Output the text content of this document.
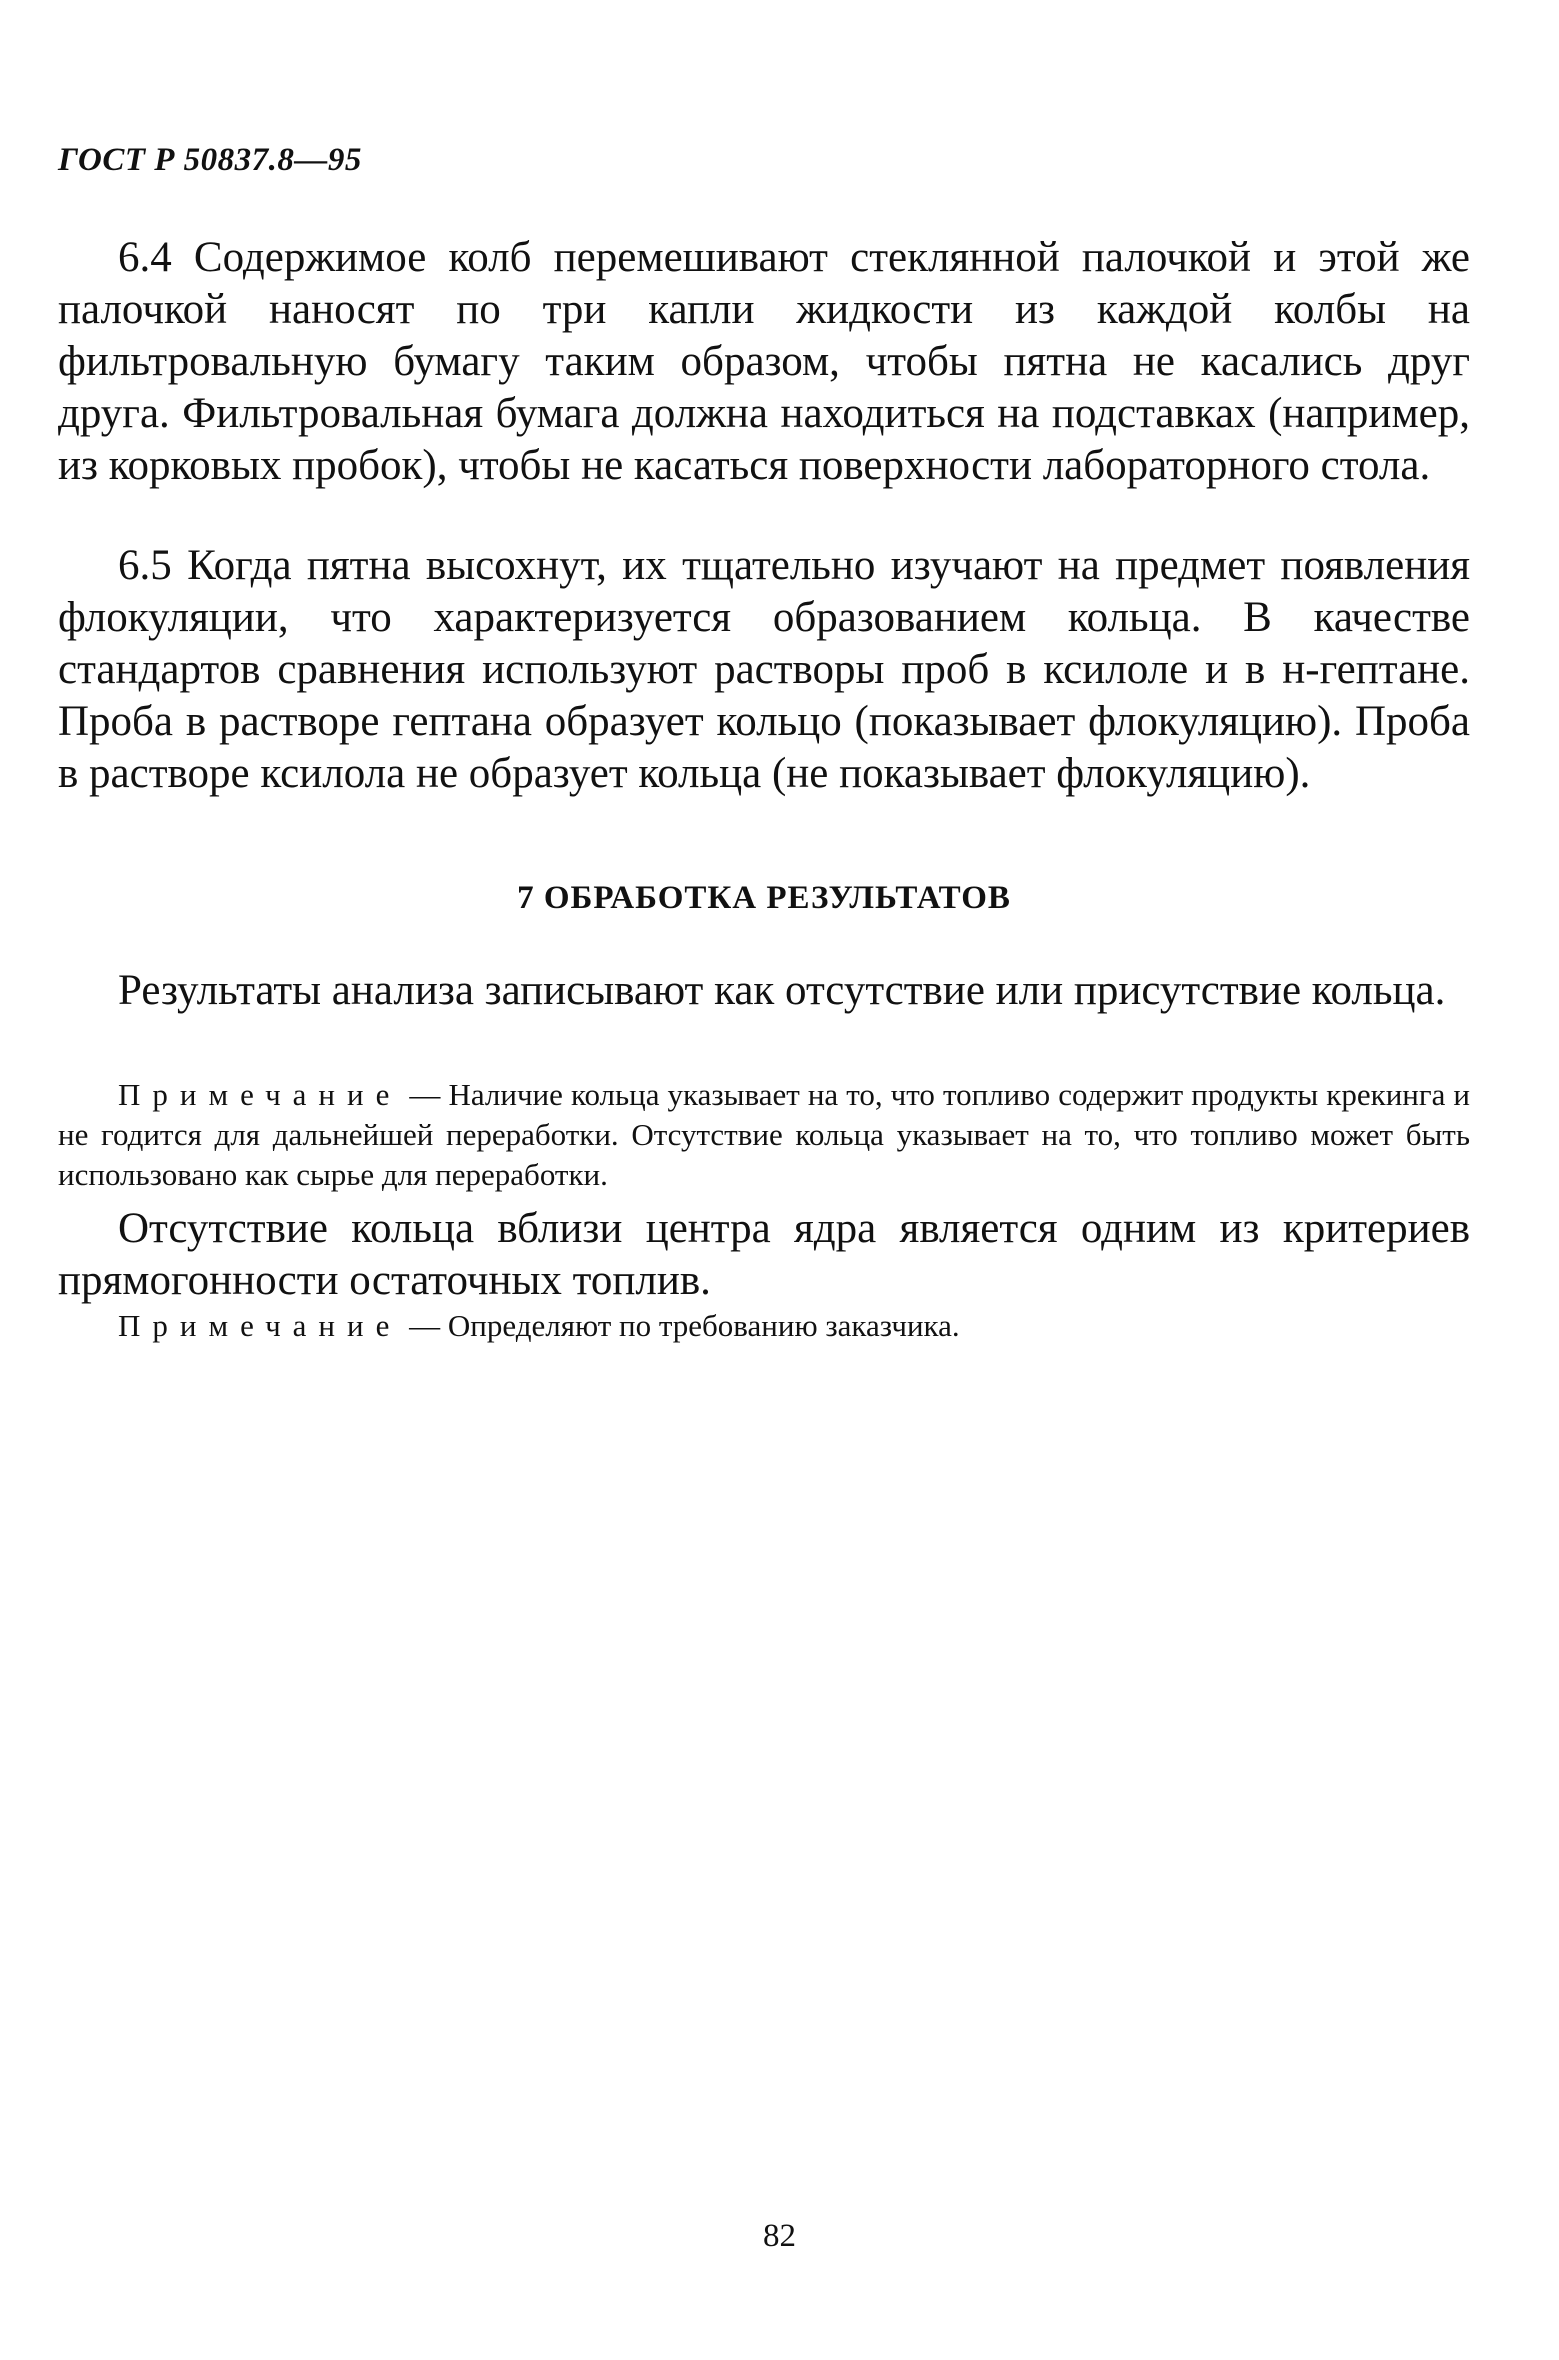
ГОСТ Р 50837.8—95

6.4 Содержимое колб перемешивают стеклянной палочкой и этой же палочкой наносят по три капли жидкости из каждой колбы на фильтровальную бумагу таким образом, чтобы пятна не касались друг друга. Фильтровальная бумага должна находиться на подставках (например, из корковых пробок), чтобы не касаться поверхности лабораторного стола.

6.5 Когда пятна высохнут, их тщательно изучают на предмет появления флокуляции, что характеризуется образованием кольца. В качестве стандартов сравнения используют растворы проб в ксилоле и в н-гептане. Проба в растворе гептана образует кольцо (показывает флокуляцию). Проба в растворе ксилола не образует кольца (не показывает флокуляцию).

7 ОБРАБОТКА РЕЗУЛЬТАТОВ

Результаты анализа записывают как отсутствие или присутствие кольца.

Примечание — Наличие кольца указывает на то, что топливо содержит продукты крекинга и не годится для дальнейшей переработки. Отсутствие кольца указывает на то, что топливо может быть использовано как сырье для переработки.

Отсутствие кольца вблизи центра ядра является одним из критериев прямогонности остаточных топлив.

Примечание — Определяют по требованию заказчика.

82
